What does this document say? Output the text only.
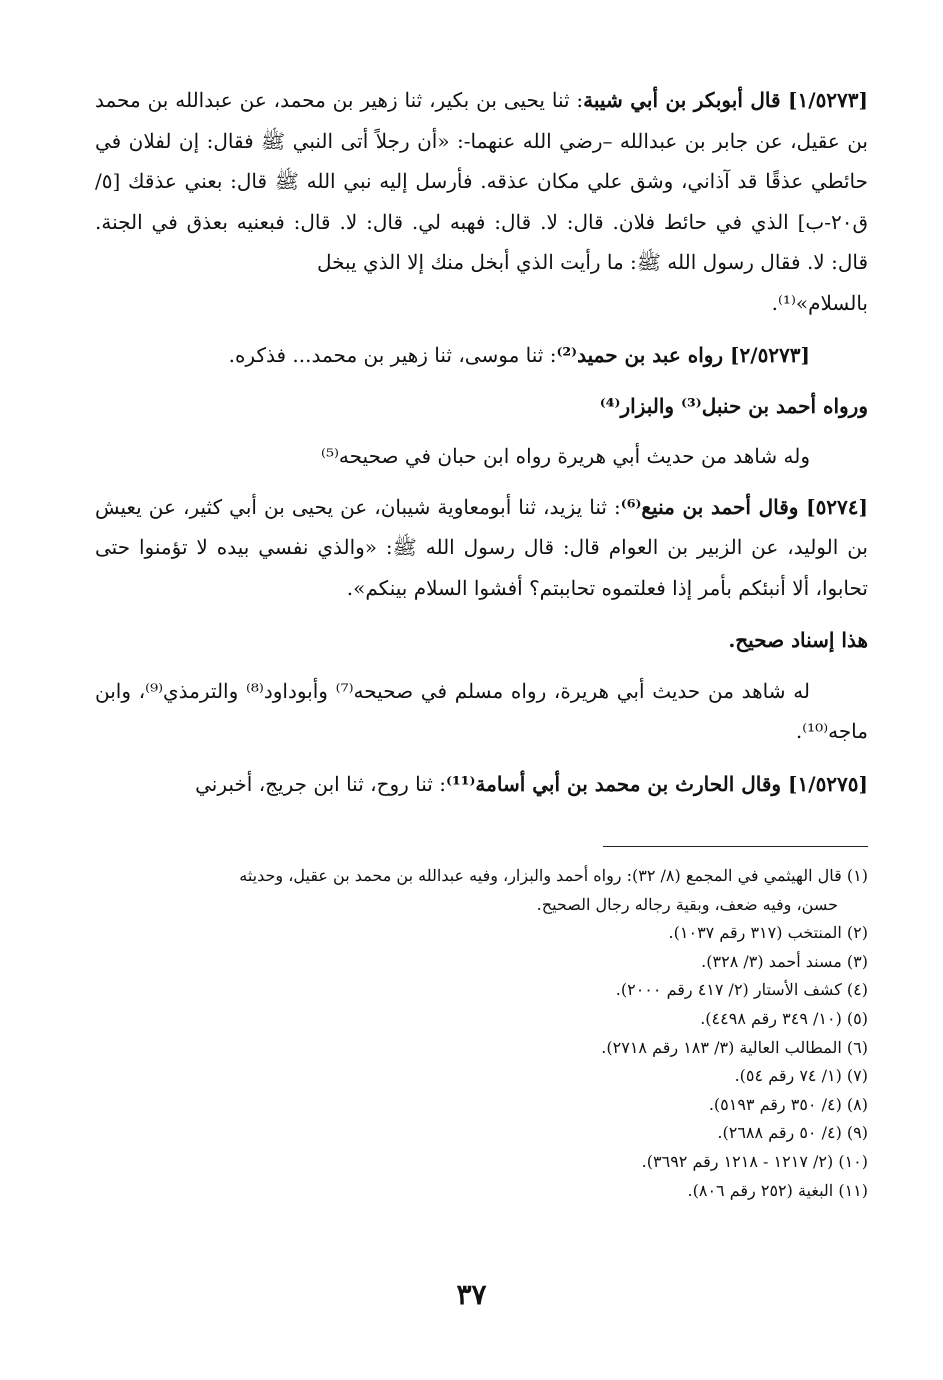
[١/٥٢٧٣] قال أبوبكر بن أبي شيبة: ثنا يحيى بن بكير، ثنا زهير بن محمد، عن عبدالله بن محمد بن عقيل، عن جابر بن عبدالله –رضي الله عنهما-: «أن رجلاً أتى النبي ﷺ فقال: إن لفلان في حائطي عذقًا قد آذاني، وشق علي مكان عذقه. فأرسل إليه نبي الله ﷺ قال: بعني عذقك [٥/ق٢٠-ب] الذي في حائط فلان. قال: لا. قال: فهبه لي. قال: لا. قال: فبعنيه بعذق في الجنة. قال: لا. فقال رسول الله ﷺ: ما رأيت الذي أبخل منك إلا الذي يبخل
بالسلام»⁽¹⁾.

[٢/٥٢٧٣] رواه عبد بن حميد⁽²⁾: ثنا موسى، ثنا زهير بن محمد... فذكره.

ورواه أحمد بن حنبل⁽³⁾ والبزار⁽⁴⁾

وله شاهد من حديث أبي هريرة رواه ابن حبان في صحيحه⁽⁵⁾

[٥٢٧٤] وقال أحمد بن منيع⁽⁶⁾: ثنا يزيد، ثنا أبومعاوية شيبان، عن يحيى بن أبي كثير، عن يعيش بن الوليد، عن الزبير بن العوام قال: قال رسول الله ﷺ: «والذي نفسي بيده لا تؤمنوا حتى تحابوا، ألا أنبئكم بأمر إذا فعلتموه تحاببتم؟ أفشوا السلام بينكم».

هذا إسناد صحيح.

له شاهد من حديث أبي هريرة، رواه مسلم في صحيحه⁽⁷⁾ وأبوداود⁽⁸⁾ والترمذي⁽⁹⁾، وابن ماجه⁽¹⁰⁾.

[١/٥٢٧٥] وقال الحارث بن محمد بن أبي أسامة⁽¹¹⁾: ثنا روح، ثنا ابن جريج، أخبرني

(١) قال الهيثمي في المجمع (٨/ ٣٢): رواه أحمد والبزار، وفيه عبدالله بن محمد بن عقيل، وحديثه
حسن، وفيه ضعف، وبقية رجاله رجال الصحيح.

(٢) المنتخب (٣١٧ رقم ١٠٣٧).

(٣) مسند أحمد (٣/ ٣٢٨).

(٤) كشف الأستار (٢/ ٤١٧ رقم ٢٠٠٠).

(٥) (١٠/ ٣٤٩ رقم ٤٤٩٨).

(٦) المطالب العالية (٣/ ١٨٣ رقم ٢٧١٨).

(٧) (١/ ٧٤ رقم ٥٤).

(٨) (٤/ ٣٥٠ رقم ٥١٩٣).

(٩) (٤/ ٥٠ رقم ٢٦٨٨).

(١٠) (٢/ ١٢١٧ - ١٢١٨ رقم ٣٦٩٢).

(١١) البغية (٢٥٢ رقم ٨٠٦).

٣٧
